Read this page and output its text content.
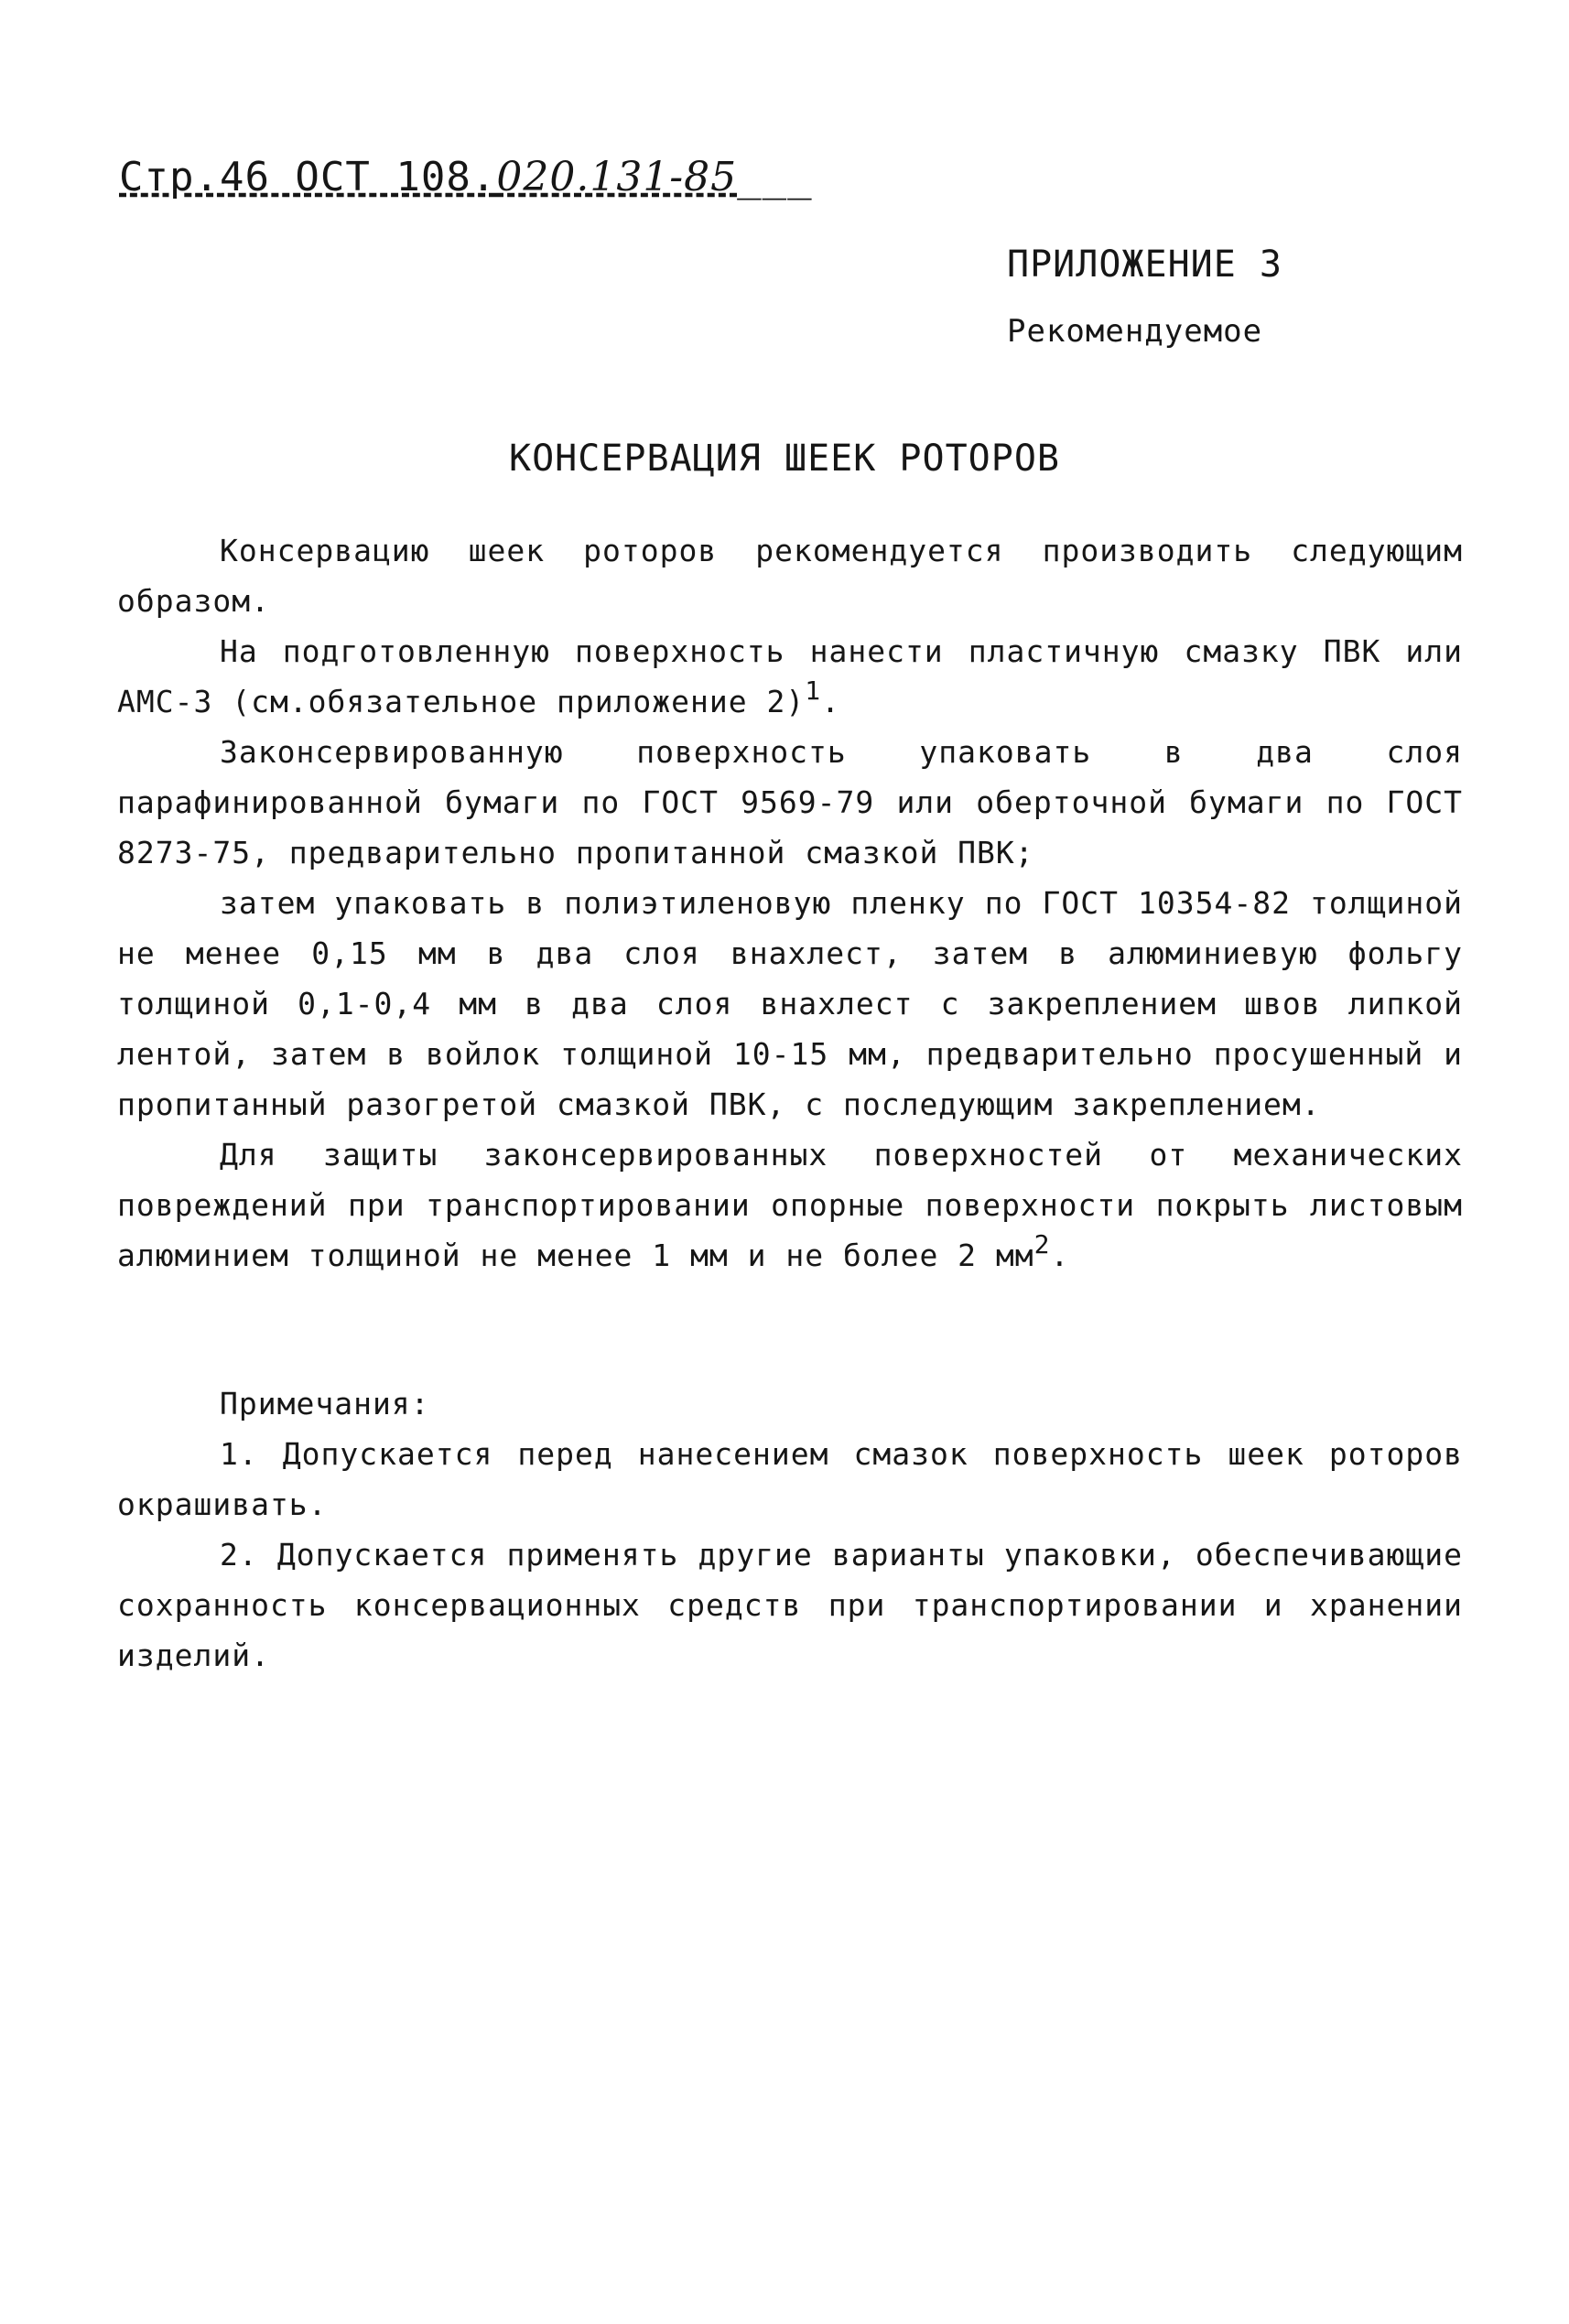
Стр.46 ОСТ 108.020.131-85___
ПРИЛОЖЕНИЕ 3
Рекомендуемое
КОНСЕРВАЦИЯ ШЕЕК РОТОРОВ

Консервацию шеек роторов рекомендуется производить следующим образом.

На подготовленную поверхность нанести пластичную смазку ПВК или АМС-3 (см.обязательное приложение 2)$^1$.

Законсервированную поверхность упаковать в два слоя парафинированной бумаги по ГОСТ 9569-79 или оберточной бумаги по ГОСТ 8273-75, предварительно пропитанной смазкой ПВК;

затем упаковать в полиэтиленовую пленку по ГОСТ 10354-82 толщиной не менее 0,15 мм в два слоя внахлест, затем в алюминиевую фольгу толщиной 0,1-0,4 мм в два слоя внахлест с закреплением швов липкой лентой, затем в войлок толщиной 10-15 мм, предварительно просушенный и пропитанный разогретой смазкой ПВК, с последующим закреплением.

Для защиты законсервированных поверхностей от механических повреждений при транспортировании опорные поверхности покрыть листовым алюминием толщиной не менее 1 мм и не более 2 $мм^2$.

Примечания:

1. Допускается перед нанесением смазок поверхность шеек роторов окрашивать.

2. Допускается применять другие варианты упаковки, обеспечивающие сохранность консервационных средств при транспортировании и хранении изделий.
